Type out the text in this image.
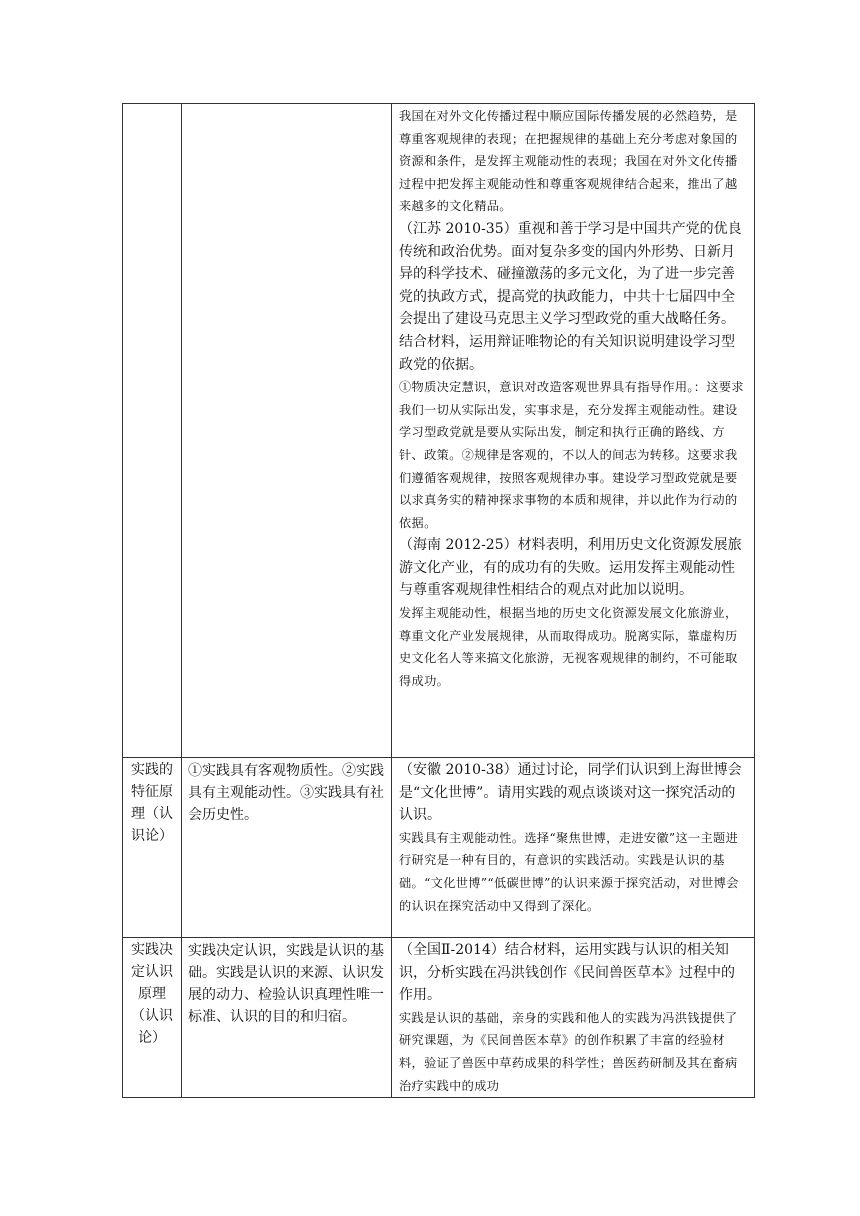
		我国在对外文化传播过程中顺应国际传播发展的必然趋势，是尊重客观规律的表现；在把握规律的基础上充分考虑对象国的资源和条件，是发挥主观能动性的表现；我国在对外文化传播过程中把发挥主观能动性和尊重客观规律结合起来，推出了越来越多的文化精品。

（江苏 2010-35）重视和善于学习是中国共产党的优良传统和政治优势。面对复杂多变的国内外形势、日新月异的科学技术、碰撞激荡的多元文化，为了进一步完善党的执政方式，提高党的执政能力，中共十七届四中全会提出了建设马克思主义学习型政党的重大战略任务。结合材料，运用辩证唯物论的有关知识说明建设学习型政党的依据。

①物质决定慧识，意识对改造客观世界具有指导作用。：这要求我们一切从实际出发，实事求是，充分发挥主观能动性。建设学习型政党就是要从实际出发，制定和执行正确的路线、方针、政策。②规律是客观的，不以人的间志为转移。这要求我们遵循客观规律，按照客观规律办事。建设学习型政党就是要以求真务实的精神探求事物的本质和规律，并以此作为行动的依据。

（海南 2012-25）材料表明，利用历史文化资源发展旅游文化产业，有的成功有的失败。运用发挥主观能动性与尊重客观规律性相结合的观点对此加以说明。

发挥主观能动性，根据当地的历史文化资源发展文化旅游业，尊重文化产业发展规律，从而取得成功。脱离实际，靠虚构历史文化名人等来搞文化旅游，无视客观规律的制约，不可能取得成功。

实践的特征原理（认识论）	①实践具有客观物质性。②实践具有主观能动性。③实践具有社会历史性。	（安徽 2010-38）通过讨论，同学们认识到上海世博会是“文化世博”。请用实践的观点谈谈对这一探究活动的认识。

实践具有主观能动性。选择“聚焦世博，走进安徽”这一主题进行研究是一种有目的，有意识的实践活动。实践是认识的基础。“文化世博”“低碳世博”的认识来源于探究活动，对世博会的认识在探究活动中又得到了深化。

实践决定认识原理（认识论）	实践决定认识，实践是认识的基础。实践是认识的来源、认识发展的动力、检验认识真理性唯一标准、认识的目的和归宿。	（全国Ⅱ-2014）结合材料，运用实践与认识的相关知识，分析实践在冯洪钱创作《民间兽医草本》过程中的作用。

实践是认识的基础，亲身的实践和他人的实践为冯洪钱提供了研究课题，为《民间兽医本草》的创作积累了丰富的经验材料，验证了兽医中草药成果的科学性；兽医药研制及其在畜病治疗实践中的成功
